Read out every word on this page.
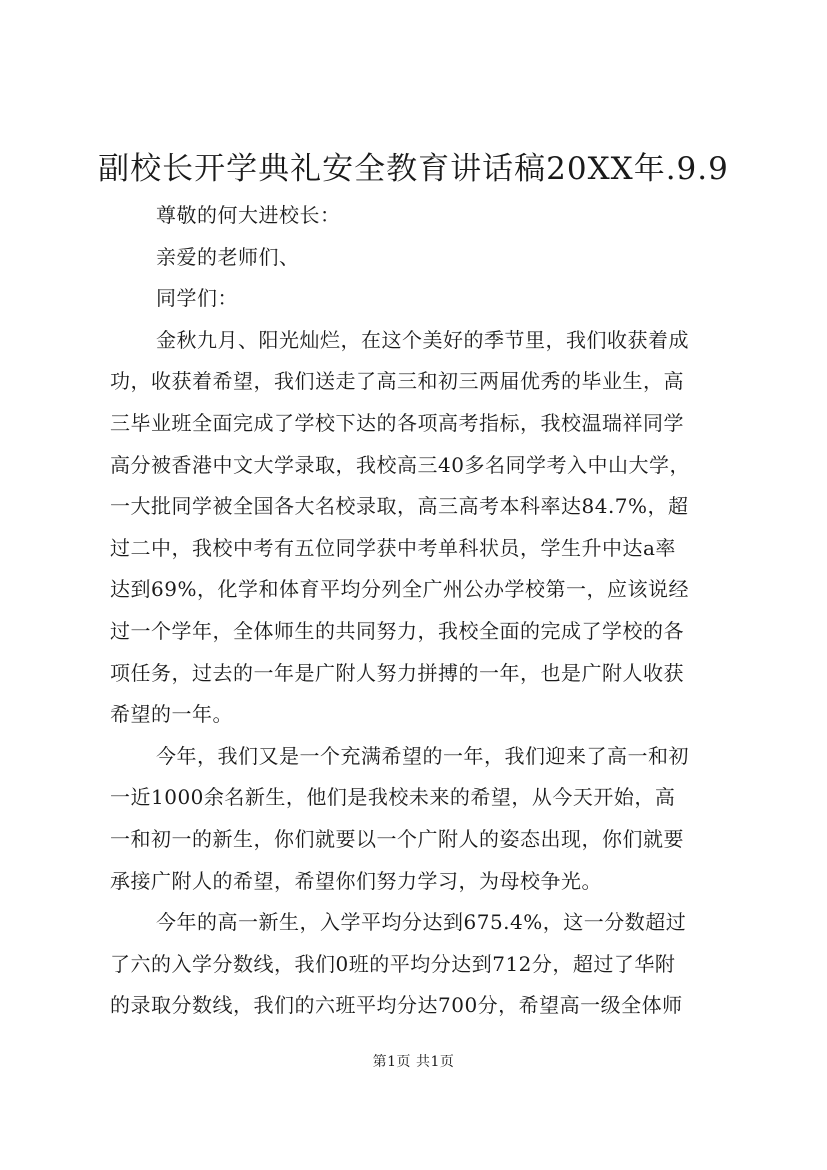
副校长开学典礼安全教育讲话稿20XX年.9.9
尊敬的何大进校长：
亲爱的老师们、
同学们：
金秋九月、阳光灿烂，在这个美好的季节里，我们收获着成
功，收获着希望，我们送走了高三和初三两届优秀的毕业生，高
三毕业班全面完成了学校下达的各项高考指标，我校温瑞祥同学
高分被香港中文大学录取，我校高三40多名同学考入中山大学，
一大批同学被全国各大名校录取，高三高考本科率达84.7%，超
过二中，我校中考有五位同学获中考单科状员，学生升中达a率
达到69%，化学和体育平均分列全广州公办学校第一，应该说经
过一个学年，全体师生的共同努力，我校全面的完成了学校的各
项任务，过去的一年是广附人努力拼搏的一年，也是广附人收获
希望的一年。
今年，我们又是一个充满希望的一年，我们迎来了高一和初
一近1000余名新生，他们是我校未来的希望，从今天开始，高
一和初一的新生，你们就要以一个广附人的姿态出现，你们就要
承接广附人的希望，希望你们努力学习，为母校争光。
今年的高一新生，入学平均分达到675.4%，这一分数超过
了六的入学分数线，我们0班的平均分达到712分，超过了华附
的录取分数线，我们的六班平均分达700分，希望高一级全体师
第1页 共1页
